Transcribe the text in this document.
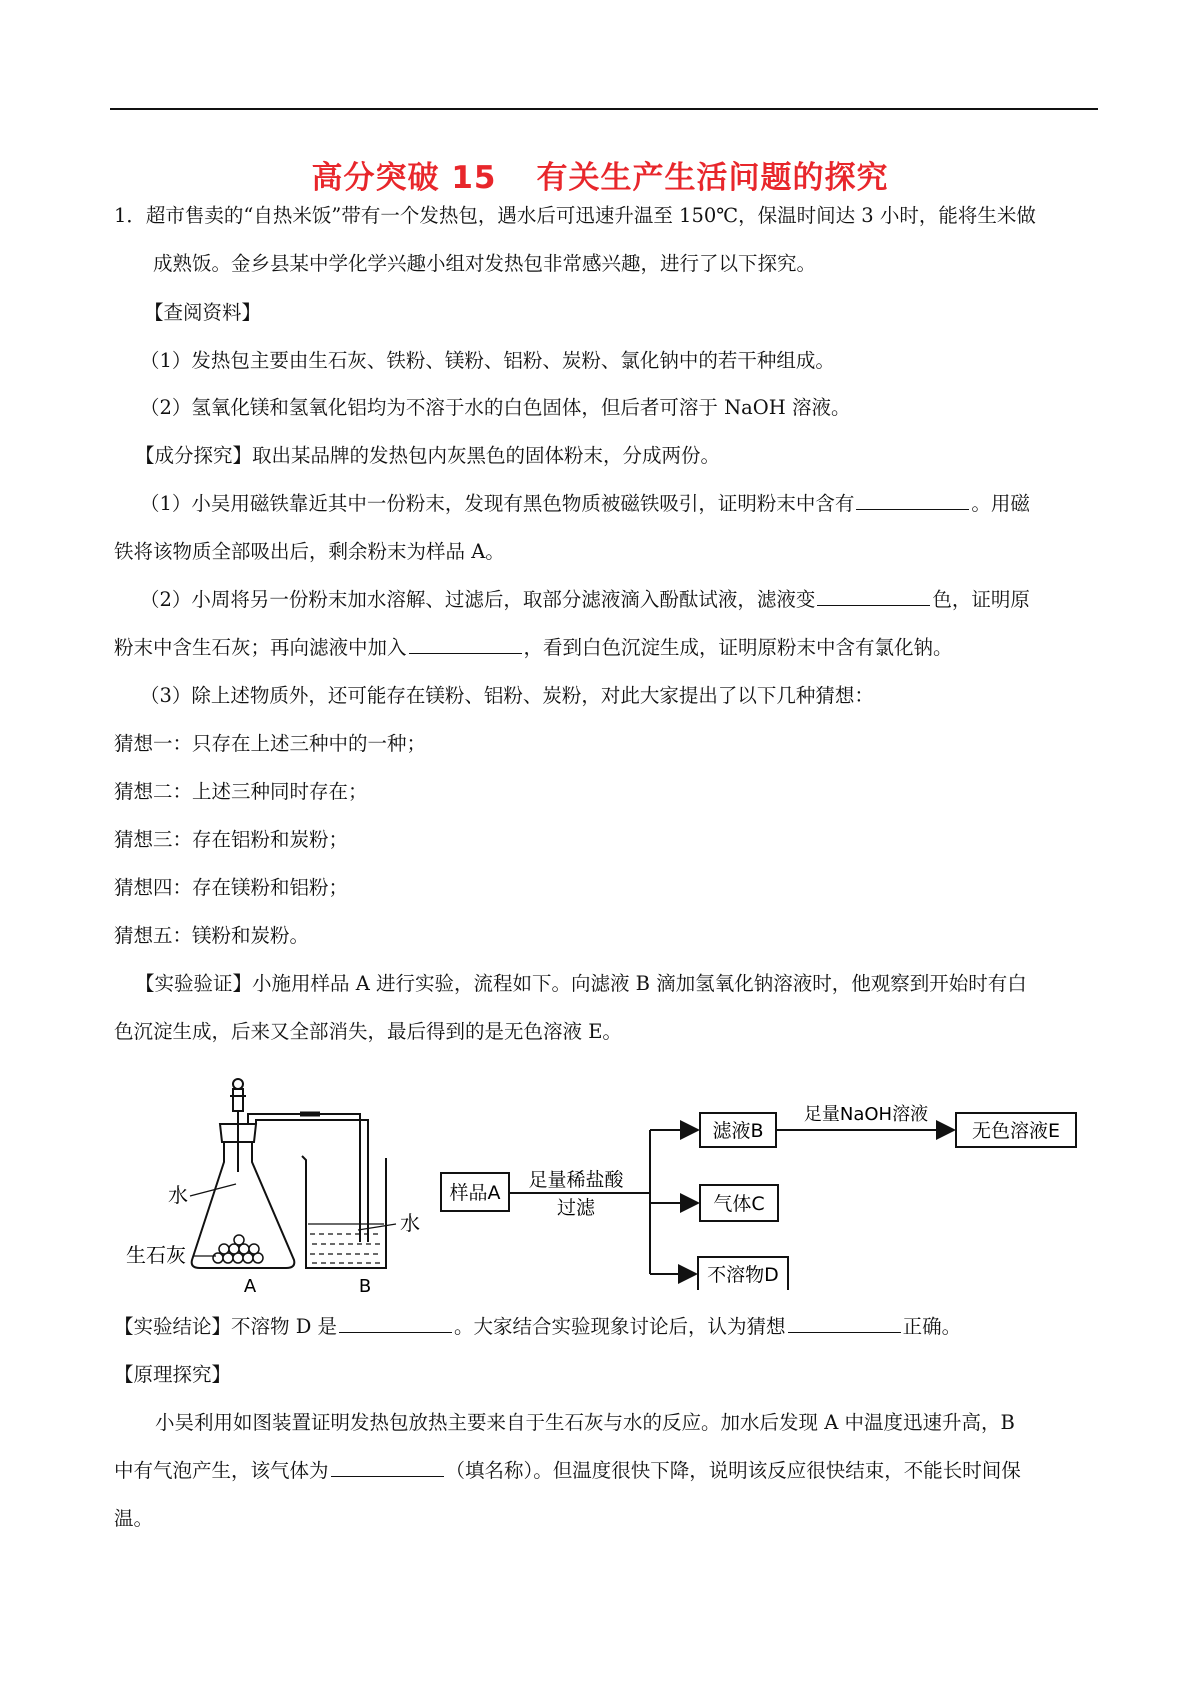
高分突破 15 有关生产生活问题的探究
1．超市售卖的“自热米饭”带有一个发热包，遇水后可迅速升温至 150℃，保温时间达 3 小时，能将生米做
成熟饭。金乡县某中学化学兴趣小组对发热包非常感兴趣，进行了以下探究。
【查阅资料】
（1）发热包主要由生石灰、铁粉、镁粉、铝粉、炭粉、氯化钠中的若干种组成。
（2）氢氧化镁和氢氧化铝均为不溶于水的白色固体，但后者可溶于 NaOH 溶液。
【成分探究】取出某品牌的发热包内灰黑色的固体粉末，分成两份。
（1）小吴用磁铁靠近其中一份粉末，发现有黑色物质被磁铁吸引，证明粉末中含有	。用磁
铁将该物质全部吸出后，剩余粉末为样品 A。
（2）小周将另一份粉末加水溶解、过滤后，取部分滤液滴入酚酞试液，滤液变	色，证明原
粉末中含生石灰；再向滤液中加入	，看到白色沉淀生成，证明原粉末中含有氯化钠。
（3）除上述物质外，还可能存在镁粉、铝粉、炭粉，对此大家提出了以下几种猜想：
猜想一：只存在上述三种中的一种；
猜想二：上述三种同时存在；
猜想三：存在铝粉和炭粉；
猜想四：存在镁粉和铝粉；
猜想五：镁粉和炭粉。
【实验验证】小施用样品 A 进行实验，流程如下。向滤液 B 滴加氢氧化钠溶液时，他观察到开始时有白
色沉淀生成，后来又全部消失，最后得到的是无色溶液 E。
水
生石灰
水
A	B
样品A
足量稀盐酸
过滤
滤液B
气体C
不溶物D
足量NaOH溶液
无色溶液E
【实验结论】不溶物 D 是	。大家结合实验现象讨论后，认为猜想	正确。
【原理探究】
小吴利用如图装置证明发热包放热主要来自于生石灰与水的反应。加水后发现 A 中温度迅速升高，B
中有气泡产生，该气体为	（填名称）。但温度很快下降，说明该反应很快结束，不能长时间保
温。
